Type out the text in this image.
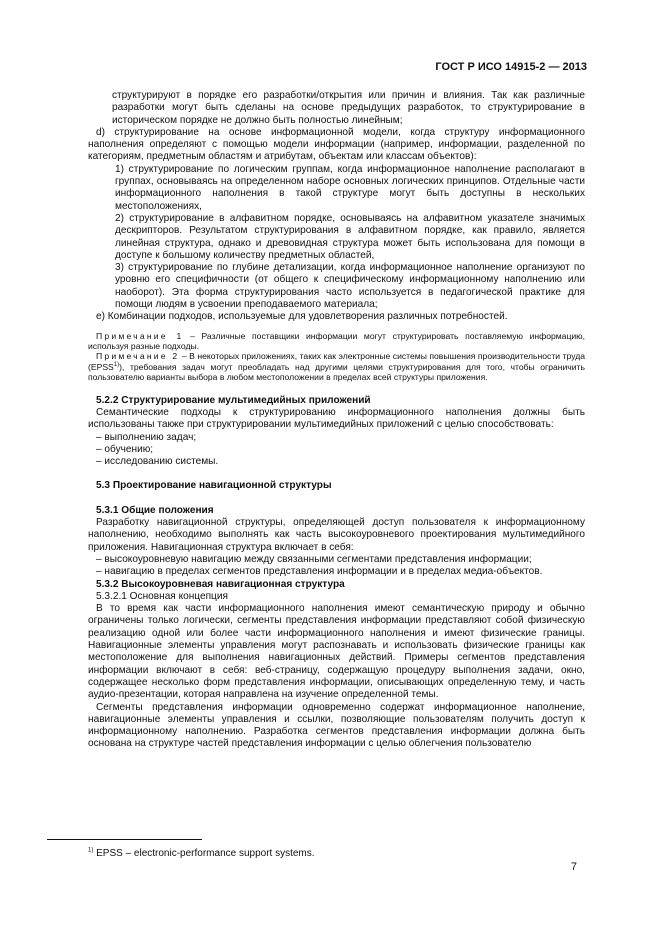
ГОСТ Р ИСО 14915-2 — 2013

структурируют в порядке его разработки/открытия или причин и влияния. Так как различные разработки могут быть сделаны на основе предыдущих разработок, то структурирование в историческом порядке не должно быть полностью линейным;

d) структурирование на основе информационной модели, когда структуру информационного наполнения определяют с помощью модели информации (например, информации, разделенной по категориям, предметным областям и атрибутам, объектам или классам объектов):

1) структурирование по логическим группам, когда информационное наполнение располагают в группах, основываясь на определенном наборе основных логических принципов. Отдельные части информационного наполнения в такой структуре могут быть доступны в нескольких местоположениях,

2) структурирование в алфавитном порядке, основываясь на алфавитном указателе значимых дескрипторов. Результатом структурирования в алфавитном порядке, как правило, является линейная структура, однако и древовидная структура может быть использована для помощи в доступе к большому количеству предметных областей,

3) структурирование по глубине детализации, когда информационное наполнение организуют по уровню его специфичности (от общего к специфическому информационному наполнению или наоборот). Эта форма структурирования часто используется в педагогической практике для помощи людям в усвоении преподаваемого материала;

e) Комбинации подходов, используемые для удовлетворения различных потребностей.

Примечание 1 – Различные поставщики информации могут структурировать поставляемую информацию, используя разные подходы.

Примечание 2 – В некоторых приложениях, таких как электронные системы повышения производительности труда (EPSS$^{1)}$), требования задач могут преобладать над другими целями структурирования для того, чтобы ограничить пользователю варианты выбора в любом местоположении в пределах всей структуры приложения.

5.2.2 Структурирование мультимедийных приложений

Семантические подходы к структурированию информационного наполнения должны быть использованы также при структурировании мультимедийных приложений с целью способствовать:

– выполнению задач;

– обучению;

– исследованию системы.

5.3 Проектирование навигационной структуры

5.3.1 Общие положения

Разработку навигационной структуры, определяющей доступ пользователя к информационному наполнению, необходимо выполнять как часть высокоуровневого проектирования мультимедийного приложения. Навигационная структура включает в себя:

– высокоуровневую навигацию между связанными сегментами представления информации;

– навигацию в пределах сегментов представления информации и в пределах медиа-объектов.

5.3.2 Высокоуровневая навигационная структура

5.3.2.1 Основная концепция

В то время как части информационного наполнения имеют семантическую природу и обычно ограничены только логически, сегменты представления информации представляют собой физическую реализацию одной или более части информационного наполнения и имеют физические границы. Навигационные элементы управления могут распознавать и использовать физические границы как местоположение для выполнения навигационных действий. Примеры сегментов представления информации включают в себя: веб-страницу, содержащую процедуру выполнения задачи, окно, содержащее несколько форм представления информации, описывающих определенную тему, и часть аудио-презентации, которая направлена на изучение определенной темы.

Сегменты представления информации одновременно содержат информационное наполнение, навигационные элементы управления и ссылки, позволяющие пользователям получить доступ к информационному наполнению. Разработка сегментов представления информации должна быть основана на структуре частей представления информации с целью облегчения пользователю

$^{1)}$ EPSS – electronic-performance support systems.
7
